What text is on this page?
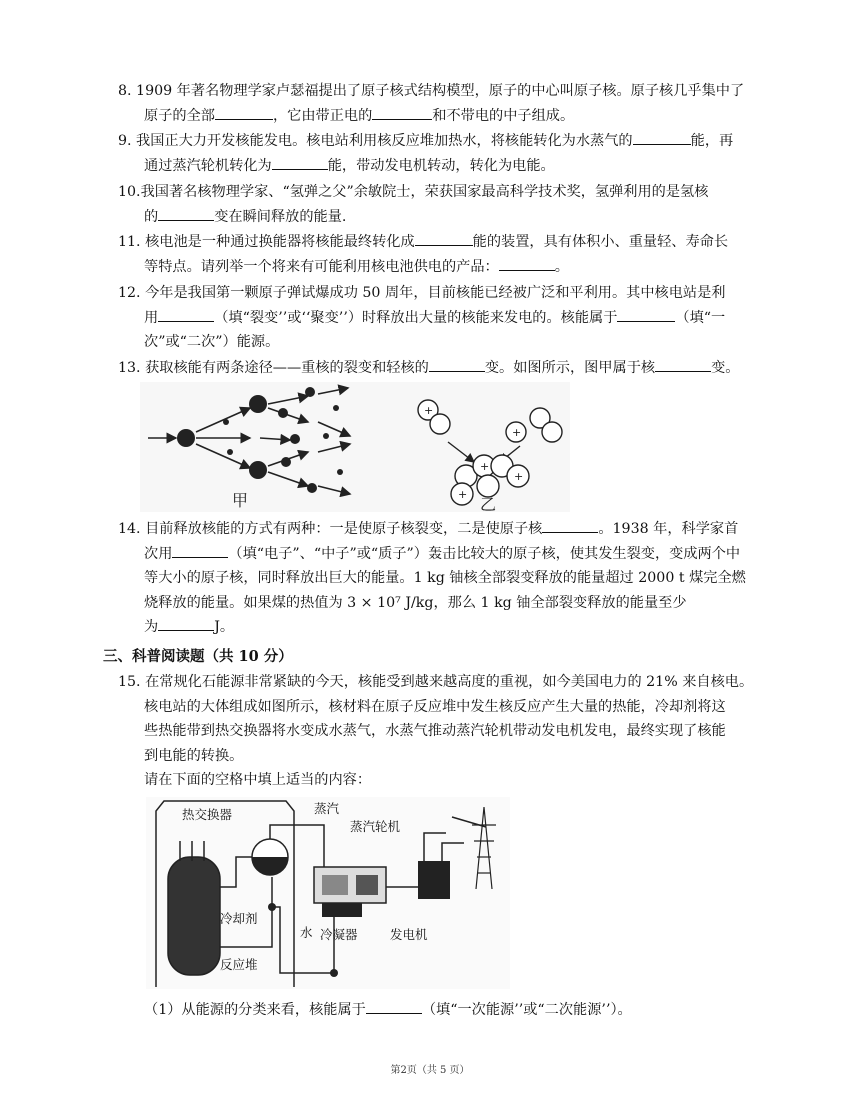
8. 1909 年著名物理学家卢瑟福提出了原子核式结构模型，原子的中心叫原子核。原子核几乎集中了

原子的全部	，它由带正电的	和不带电的中子组成。

9. 我国正大力开发核能发电。核电站利用核反应堆加热水，将核能转化为水蒸气的	能，再

通过蒸汽轮机转化为	能，带动发电机转动，转化为电能。

10.我国著名核物理学家、“氢弹之父”余敏院士，荣获国家最高科学技术奖，氢弹利用的是氢核

的	变在瞬间释放的能量.

11. 核电池是一种通过换能器将核能最终转化成	能的装置，具有体积小、重量轻、寿命长

等特点。请列举一个将来有可能利用核电池供电的产品：	。

12. 今年是我国第一颗原子弹试爆成功 50 周年，目前核能已经被广泛和平利用。其中核电站是利

用	（填“裂变’’或‘‘聚变’’）时释放出大量的核能来发电的。核能属于	（填“一

次”或“二次”）能源。

13. 获取核能有两条途径——重核的裂变和轻核的	变。如图所示，图甲属于核	变。

甲
+
+
+
+
+
乙

14. 目前释放核能的方式有两种：一是使原子核裂变，二是使原子核	。1938 年，科学家首

次用	（填“电子”、“中子”或“质子”）轰击比较大的原子核，使其发生裂变，变成两个中

等大小的原子核，同时释放出巨大的能量。1 kg 铀核全部裂变释放的能量超过 2000 t 煤完全燃

烧释放的能量。如果煤的热值为 3 × 10⁷ J/kg，那么 1 kg 铀全部裂变释放的能量至少

为	J。

三、科普阅读题（共 10 分）

15. 在常规化石能源非常紧缺的今天，核能受到越来越高度的重视，如今美国电力的 21% 来自核电。

核电站的大体组成如图所示，核材料在原子反应堆中发生核反应产生大量的热能，冷却剂将这

些热能带到热交换器将水变成水蒸气，水蒸气推动蒸汽轮机带动发电机发电，最终实现了核能

到电能的转换。

请在下面的空格中填上适当的内容：

热交换器	蒸汽
蒸汽轮机
冷却剂
水 冷凝器	发电机
反应堆

（1）从能源的分类来看，核能属于	（填“一次能源’’或“二次能源’’）。

第2页（共 5 页）
